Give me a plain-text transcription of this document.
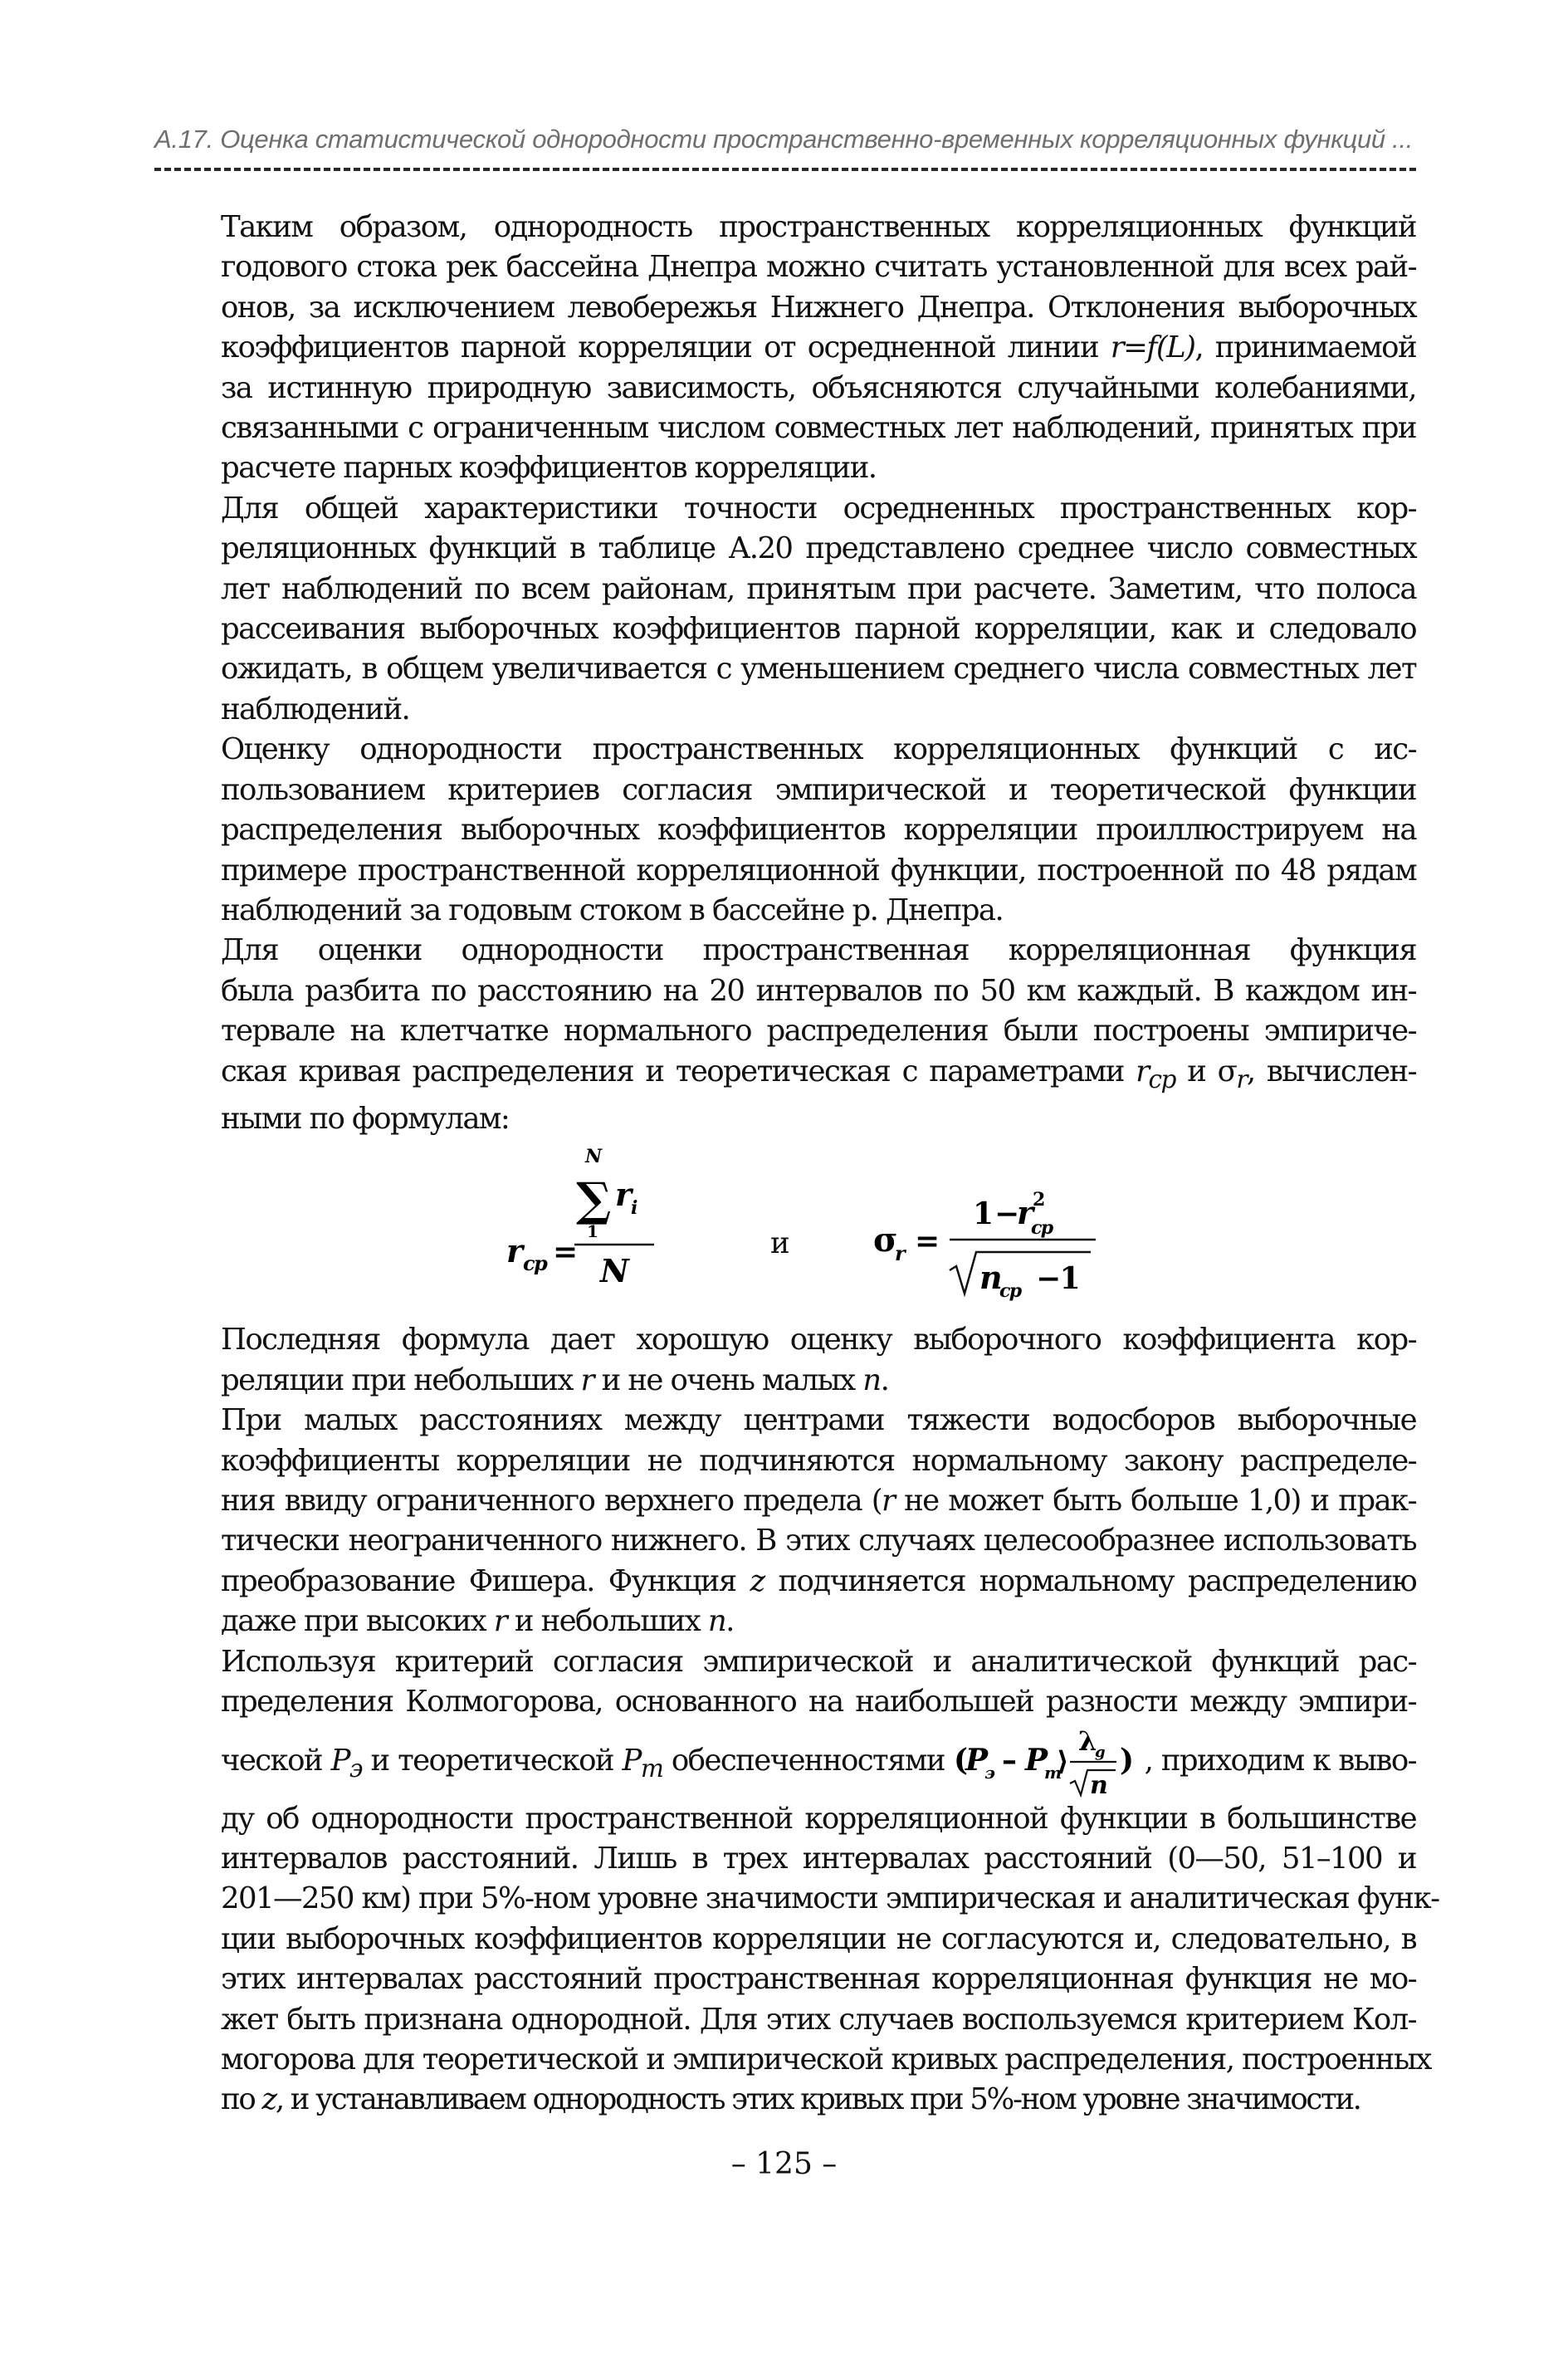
А.17. Оценка статистической однородности пространственно-временных корреляционных функций ...

Таким образом, однородность пространственных корреляционных функций
годового стока рек бассейна Днепра можно считать установленной для всех рай-
онов, за исключением левобережья Нижнего Днепра. Отклонения выборочных
коэффициентов парной корреляции от осредненной линии r=f(L), принимаемой
за истинную природную зависимость, объясняются случайными колебаниями,
связанными с ограниченным числом совместных лет наблюдений, принятых при
расчете парных коэффициентов корреляции.

Для общей характеристики точности осредненных пространственных кор-
реляционных функций в таблице А.20 представлено среднее число совместных
лет наблюдений по всем районам, принятым при расчете. Заметим, что полоса
рассеивания выборочных коэффициентов парной корреляции, как и следовало
ожидать, в общем увеличивается с уменьшением среднего числа совместных лет
наблюдений.

Оценку однородности пространственных корреляционных функций с ис-
пользованием критериев согласия эмпирической и теоретической функции
распределения выборочных коэффициентов корреляции проиллюстрируем на
примере пространственной корреляционной функции, построенной по 48 рядам
наблюдений за годовым стоком в бассейне р. Днепра.

Для оценки однородности пространственная корреляционная функция
была разбита по расстоянию на 20 интервалов по 50 км каждый. В каждом ин-
тервале на клетчатке нормального распределения были построены эмпириче-
ская кривая распределения и теоретическая с параметрами $r_{ср}$ и $\sigma_r$, вычислен-
ными по формулам:

r ср =
N
∑ r i
1
N
и	σ
r =
1 −
r 2
ср
n
ср −1

Последняя формула дает хорошую оценку выборочного коэффициента кор-
реляции при небольших r и не очень малых n.

При малых расстояниях между центрами тяжести водосборов выборочные
коэффициенты корреляции не подчиняются нормальному закону распределе-
ния ввиду ограниченного верхнего предела (r не может быть больше 1,0) и прак-
тически неограниченного нижнего. В этих случаях целесообразнее использовать
преобразование Фишера. Функция z подчиняется нормальному распределению
даже при высоких r и небольших n.

Используя критерий согласия эмпирической и аналитической функций рас-
пределения Колмогорова, основанного на наибольшей разности между эмпири-
ческой $P_э$ и теоретической $P_т$ обеспеченностями (
P
э – P
т
⟩
λ g
n
) , приходим к выво-
ду об однородности пространственной корреляционной функции в большинстве
интервалов расстояний. Лишь в трех интервалах расстояний (0—50, 51–100 и
201—250 км) при 5%-ном уровне значимости эмпирическая и аналитическая функ-
ции выборочных коэффициентов корреляции не согласуются и, следовательно, в
этих интервалах расстояний пространственная корреляционная функция не мо-
жет быть признана однородной. Для этих случаев воспользуемся критерием Кол-
могорова для теоретической и эмпирической кривых распределения, построенных
по z, и устанавливаем однородность этих кривых при 5%-ном уровне значимости.

– 125 –
